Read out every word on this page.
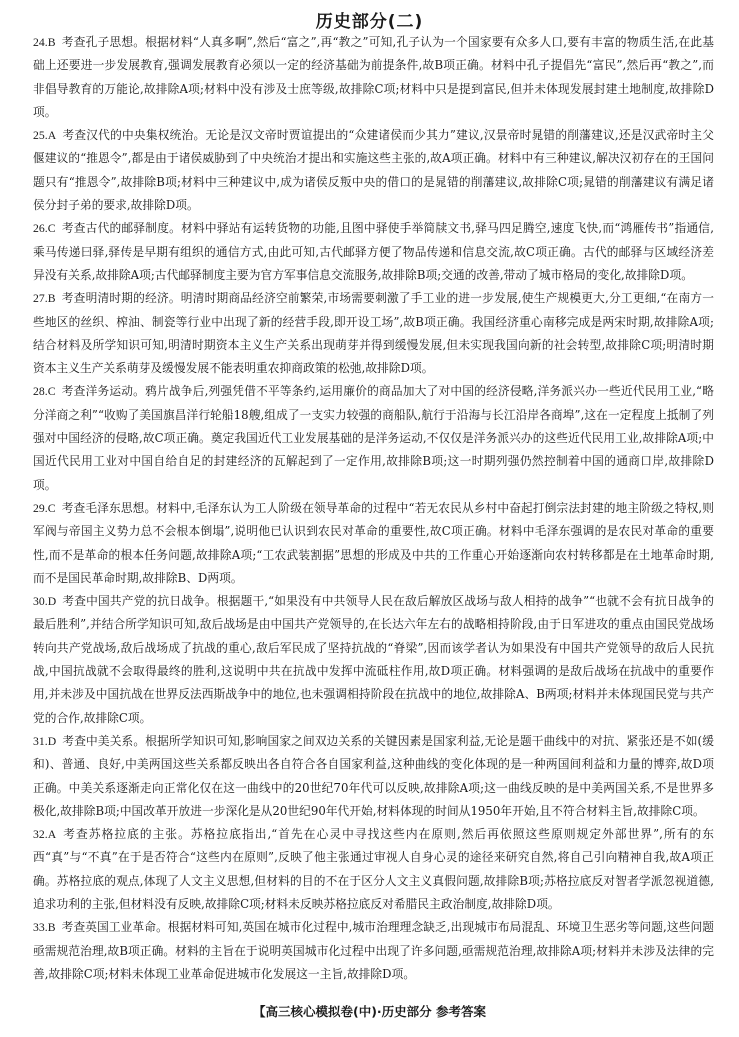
历史部分(二)

24.B 考查孔子思想。根据材料“人真多啊”,然后“富之”,再“教之”可知,孔子认为一个国家要有众多人口,要有丰富的物质生活,在此基础上还要进一步发展教育,强调发展教育必须以一定的经济基础为前提条件,故B项正确。材料中孔子提倡先“富民”,然后再“教之”,而非倡导教育的万能论,故排除A项;材料中没有涉及士庶等级,故排除C项;材料中只是提到富民,但并未体现发展封建土地制度,故排除D项。

25.A 考查汉代的中央集权统治。无论是汉文帝时贾谊提出的“众建诸侯而少其力”建议,汉景帝时晁错的削藩建议,还是汉武帝时主父偃建议的“推恩令”,都是由于诸侯威胁到了中央统治才提出和实施这些主张的,故A项正确。材料中有三种建议,解决汉初存在的王国问题只有“推恩令”,故排除B项;材料中三种建议中,成为诸侯反叛中央的借口的是晁错的削藩建议,故排除C项;晁错的削藩建议有满足诸侯分封子弟的要求,故排除D项。

26.C 考查古代的邮驿制度。材料中驿站有运转货物的功能,且图中驿使手举简牍文书,驿马四足腾空,速度飞快,而“鸿雁传书”指通信,乘马传递曰驿,驿传是早期有组织的通信方式,由此可知,古代邮驿方便了物品传递和信息交流,故C项正确。古代的邮驿与区域经济差异没有关系,故排除A项;古代邮驿制度主要为官方军事信息交流服务,故排除B项;交通的改善,带动了城市格局的变化,故排除D项。

27.B 考查明清时期的经济。明清时期商品经济空前繁荣,市场需要刺激了手工业的进一步发展,使生产规模更大,分工更细,“在南方一些地区的丝织、榨油、制瓷等行业中出现了新的经营手段,即开设工场”,故B项正确。我国经济重心南移完成是两宋时期,故排除A项;结合材料及所学知识可知,明清时期资本主义生产关系出现萌芽并得到缓慢发展,但未实现我国向新的社会转型,故排除C项;明清时期资本主义生产关系萌芽及缓慢发展不能表明重农抑商政策的松弛,故排除D项。

28.C 考查洋务运动。鸦片战争后,列强凭借不平等条约,运用廉价的商品加大了对中国的经济侵略,洋务派兴办一些近代民用工业,“略分洋商之利”“收购了美国旗昌洋行轮船18艘,组成了一支实力较强的商船队,航行于沿海与长江沿岸各商埠”,这在一定程度上抵制了列强对中国经济的侵略,故C项正确。奠定我国近代工业发展基础的是洋务运动,不仅仅是洋务派兴办的这些近代民用工业,故排除A项;中国近代民用工业对中国自给自足的封建经济的瓦解起到了一定作用,故排除B项;这一时期列强仍然控制着中国的通商口岸,故排除D项。

29.C 考查毛泽东思想。材料中,毛泽东认为工人阶级在领导革命的过程中“若无农民从乡村中奋起打倒宗法封建的地主阶级之特权,则军阀与帝国主义势力总不会根本倒塌”,说明他已认识到农民对革命的重要性,故C项正确。材料中毛泽东强调的是农民对革命的重要性,而不是革命的根本任务问题,故排除A项;“工农武装割据”思想的形成及中共的工作重心开始逐渐向农村转移都是在土地革命时期,而不是国民革命时期,故排除B、D两项。

30.D 考查中国共产党的抗日战争。根据题干,“如果没有中共领导人民在敌后解放区战场与敌人相持的战争”“也就不会有抗日战争的最后胜利”,并结合所学知识可知,敌后战场是由中国共产党领导的,在长达六年左右的战略相持阶段,由于日军进攻的重点由国民党战场转向共产党战场,敌后战场成了抗战的重心,敌后军民成了坚持抗战的“脊梁”,因而该学者认为如果没有中国共产党领导的敌后人民抗战,中国抗战就不会取得最终的胜利,这说明中共在抗战中发挥中流砥柱作用,故D项正确。材料强调的是敌后战场在抗战中的重要作用,并未涉及中国抗战在世界反法西斯战争中的地位,也未强调相持阶段在抗战中的地位,故排除A、B两项;材料并未体现国民党与共产党的合作,故排除C项。

31.D 考查中美关系。根据所学知识可知,影响国家之间双边关系的关键因素是国家利益,无论是题干曲线中的对抗、紧张还是不如(缓和)、普通、良好,中美两国这些关系都反映出各自符合各自国家利益,这种曲线的变化体现的是一种两国间利益和力量的博弈,故D项正确。中美关系逐渐走向正常化仅在这一曲线中的20世纪70年代可以反映,故排除A项;这一曲线反映的是中美两国关系,不是世界多极化,故排除B项;中国改革开放进一步深化是从20世纪90年代开始,材料体现的时间从1950年开始,且不符合材料主旨,故排除C项。

32.A 考查苏格拉底的主张。苏格拉底指出,“首先在心灵中寻找这些内在原则,然后再依照这些原则规定外部世界”,所有的东西“真”与“不真”在于是否符合“这些内在原则”,反映了他主张通过审视人自身心灵的途径来研究自然,将自己引向精神自我,故A项正确。苏格拉底的观点,体现了人文主义思想,但材料的目的不在于区分人文主义真假问题,故排除B项;苏格拉底反对智者学派忽视道德,追求功利的主张,但材料没有反映,故排除C项;材料未反映苏格拉底反对希腊民主政治制度,故排除D项。

33.B 考查英国工业革命。根据材料可知,英国在城市化过程中,城市治理理念缺乏,出现城市布局混乱、环境卫生恶劣等问题,这些问题亟需规范治理,故B项正确。材料的主旨在于说明英国城市化过程中出现了许多问题,亟需规范治理,故排除A项;材料并未涉及法律的完善,故排除C项;材料未体现工业革命促进城市化发展这一主旨,故排除D项。

【高三核心模拟卷(中)·历史部分 参考答案
